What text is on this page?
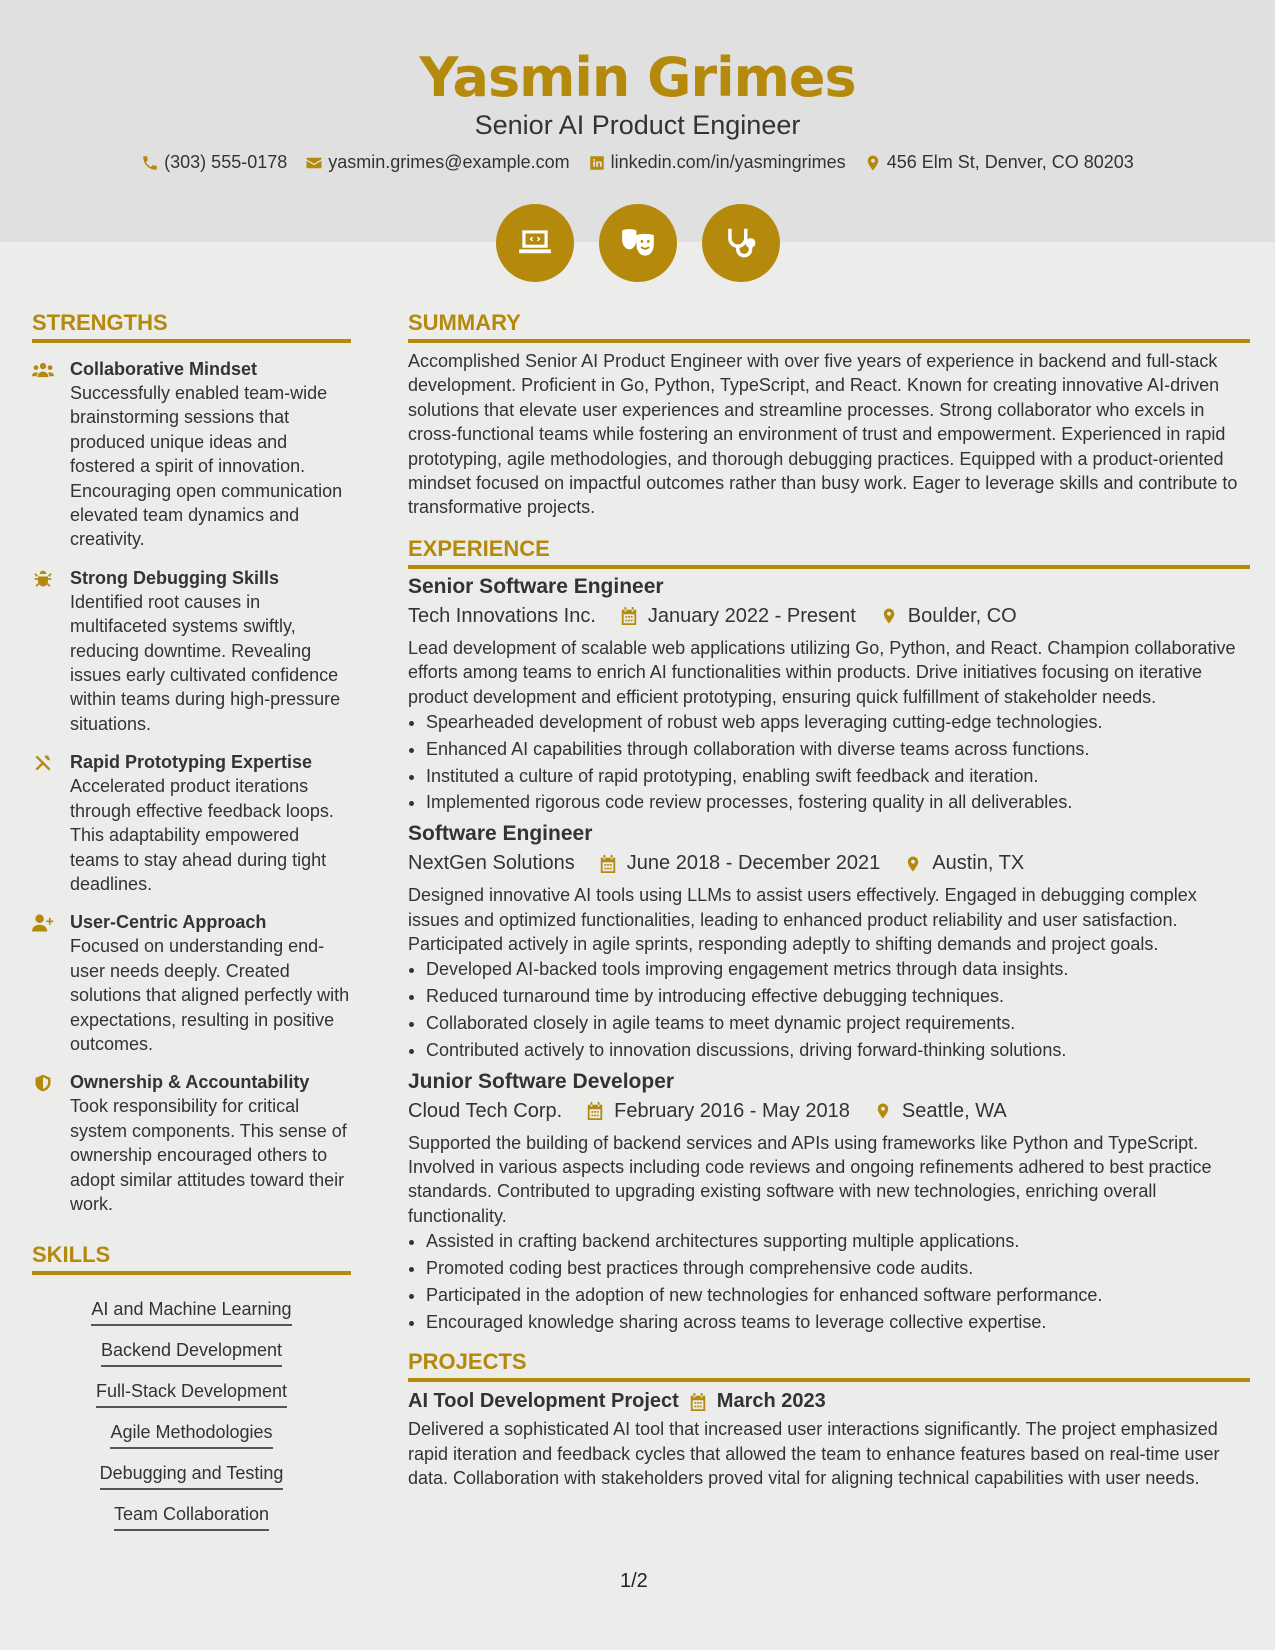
Yasmin Grimes
Senior AI Product Engineer
(303) 555-0178 yasmin.grimes@example.com linkedin.com/in/yasmingrimes 456 Elm St, Denver, CO 80203
STRENGTHS
Collaborative Mindset
Successfully enabled team-wide brainstorming sessions that produced unique ideas and fostered a spirit of innovation. Encouraging open communication elevated team dynamics and creativity.
Strong Debugging Skills
Identified root causes in multifaceted systems swiftly, reducing downtime. Revealing issues early cultivated confidence within teams during high-pressure situations.
Rapid Prototyping Expertise
Accelerated product iterations through effective feedback loops. This adaptability empowered teams to stay ahead during tight deadlines.
User-Centric Approach
Focused on understanding end-user needs deeply. Created solutions that aligned perfectly with expectations, resulting in positive outcomes.
Ownership & Accountability
Took responsibility for critical system components. This sense of ownership encouraged others to adopt similar attitudes toward their work.
SKILLS
AI and Machine Learning
Backend Development
Full-Stack Development
Agile Methodologies
Debugging and Testing
Team Collaboration
SUMMARY
Accomplished Senior AI Product Engineer with over five years of experience in backend and full-stack development. Proficient in Go, Python, TypeScript, and React. Known for creating innovative AI-driven solutions that elevate user experiences and streamline processes. Strong collaborator who excels in cross-functional teams while fostering an environment of trust and empowerment. Experienced in rapid prototyping, agile methodologies, and thorough debugging practices. Equipped with a product-oriented mindset focused on impactful outcomes rather than busy work. Eager to leverage skills and contribute to transformative projects.
EXPERIENCE
Senior Software Engineer
Tech Innovations Inc.	January 2022 - Present	Boulder, CO
Lead development of scalable web applications utilizing Go, Python, and React. Champion collaborative efforts among teams to enrich AI functionalities within products. Drive initiatives focusing on iterative product development and efficient prototyping, ensuring quick fulfillment of stakeholder needs.
• Spearheaded development of robust web apps leveraging cutting-edge technologies.
• Enhanced AI capabilities through collaboration with diverse teams across functions.
• Instituted a culture of rapid prototyping, enabling swift feedback and iteration.
• Implemented rigorous code review processes, fostering quality in all deliverables.
Software Engineer
NextGen Solutions	June 2018 - December 2021	Austin, TX
Designed innovative AI tools using LLMs to assist users effectively. Engaged in debugging complex issues and optimized functionalities, leading to enhanced product reliability and user satisfaction. Participated actively in agile sprints, responding adeptly to shifting demands and project goals.
• Developed AI-backed tools improving engagement metrics through data insights.
• Reduced turnaround time by introducing effective debugging techniques.
• Collaborated closely in agile teams to meet dynamic project requirements.
• Contributed actively to innovation discussions, driving forward-thinking solutions.
Junior Software Developer
Cloud Tech Corp.	February 2016 - May 2018	Seattle, WA
Supported the building of backend services and APIs using frameworks like Python and TypeScript. Involved in various aspects including code reviews and ongoing refinements adhered to best practice standards. Contributed to upgrading existing software with new technologies, enriching overall functionality.
• Assisted in crafting backend architectures supporting multiple applications.
• Promoted coding best practices through comprehensive code audits.
• Participated in the adoption of new technologies for enhanced software performance.
• Encouraged knowledge sharing across teams to leverage collective expertise.
PROJECTS
AI Tool Development Project March 2023
Delivered a sophisticated AI tool that increased user interactions significantly. The project emphasized rapid iteration and feedback cycles that allowed the team to enhance features based on real-time user data. Collaboration with stakeholders proved vital for aligning technical capabilities with user needs.
1/2
